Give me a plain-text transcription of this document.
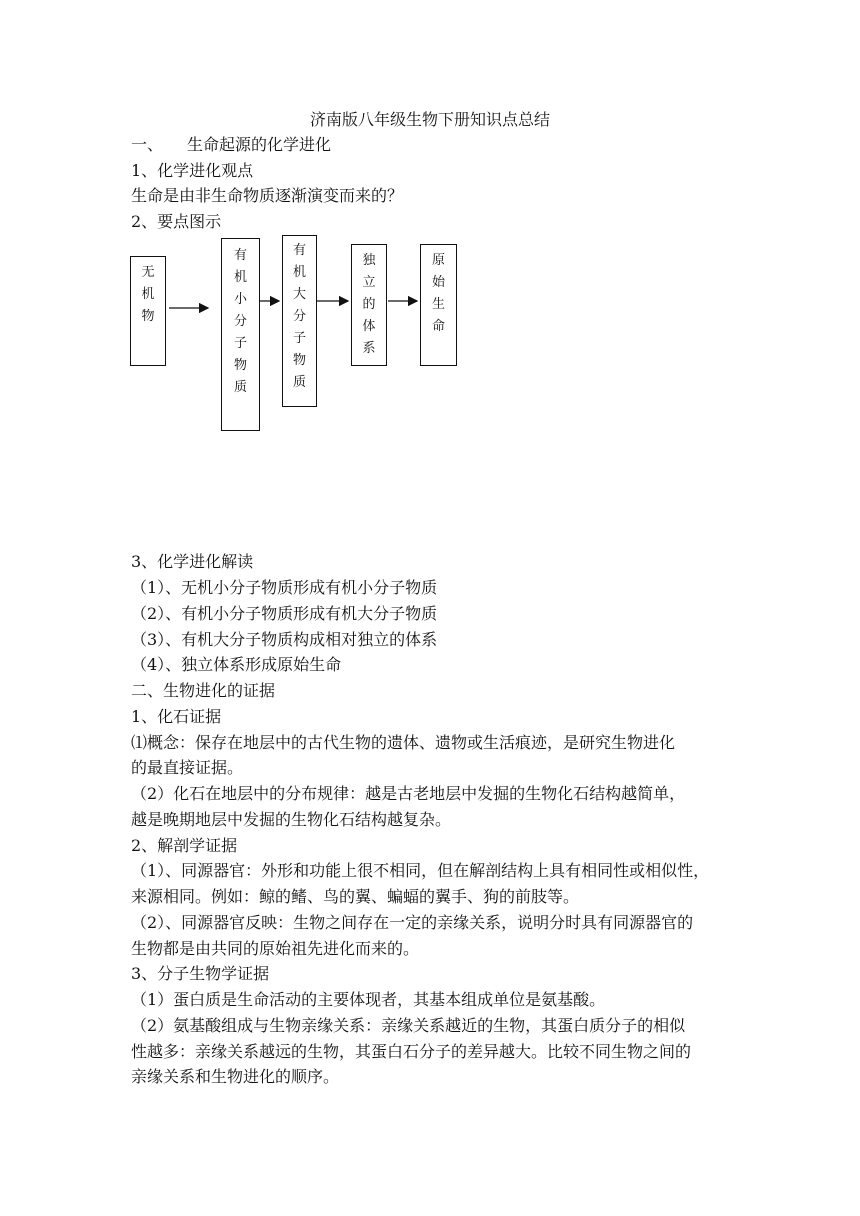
济南版八年级生物下册知识点总结
一、 生命起源的化学进化
1、化学进化观点
生命是由非生命物质逐渐演变而来的？
2、要点图示
无
机
物
有
机
小
分
子
物
质
有
机
大
分
子
物
质
独
立
的
体
系
原
始
生
命
3、化学进化解读
（1）、无机小分子物质形成有机小分子物质
（2）、有机小分子物质形成有机大分子物质
（3）、有机大分子物质构成相对独立的体系
（4）、独立体系形成原始生命
二、生物进化的证据
1、化石证据
⑴概念：保存在地层中的古代生物的遗体、遗物或生活痕迹，是研究生物进化
的最直接证据。
（2）化石在地层中的分布规律：越是古老地层中发掘的生物化石结构越简单，
越是晚期地层中发掘的生物化石结构越复杂。
2、解剖学证据
（1）、同源器官：外形和功能上很不相同，但在解剖结构上具有相同性或相似性，
来源相同。例如：鲸的鳍、鸟的翼、蝙蝠的翼手、狗的前肢等。
（2）、同源器官反映：生物之间存在一定的亲缘关系，说明分时具有同源器官的
生物都是由共同的原始祖先进化而来的。
3、分子生物学证据
（1）蛋白质是生命活动的主要体现者，其基本组成单位是氨基酸。
（2）氨基酸组成与生物亲缘关系：亲缘关系越近的生物，其蛋白质分子的相似
性越多：亲缘关系越远的生物，其蛋白石分子的差异越大。比较不同生物之间的
亲缘关系和生物进化的顺序。
